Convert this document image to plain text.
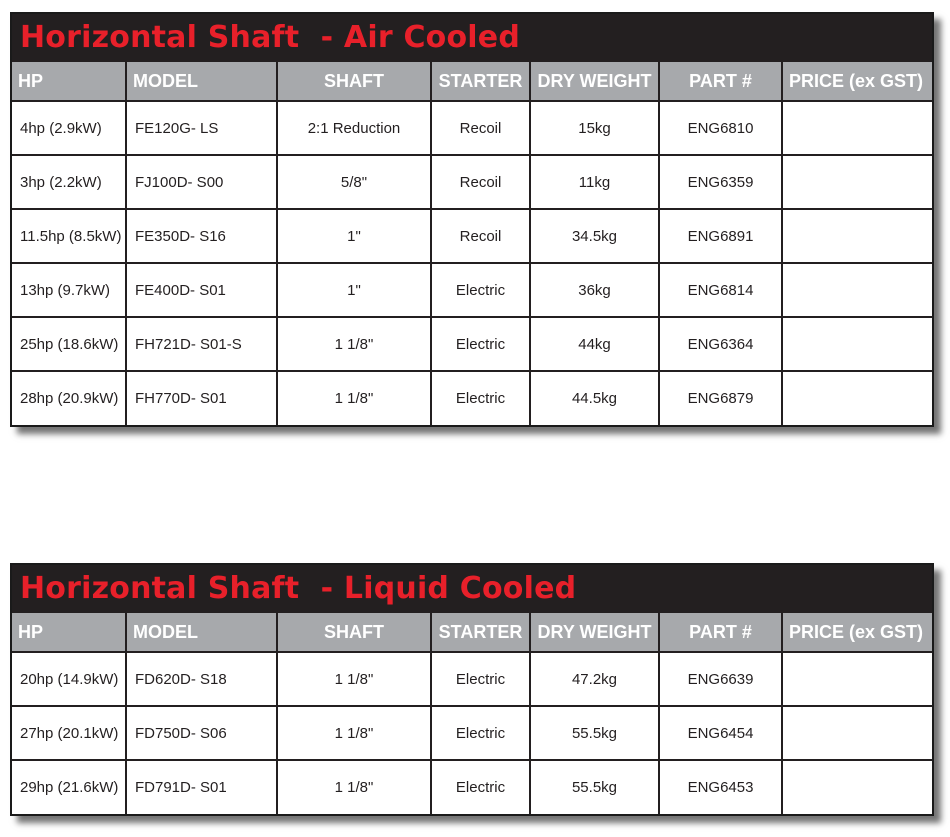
Horizontal Shaft  - Air Cooled
HP	MODEL	SHAFT	STARTER	DRY WEIGHT	PART #	PRICE (ex GST)
4hp (2.9kW)	FE120G- LS	2:1 Reduction	Recoil	15kg	ENG6810	
3hp (2.2kW)	FJ100D- S00	5/8"	Recoil	11kg	ENG6359	
11.5hp (8.5kW)	FE350D- S16	1"	Recoil	34.5kg	ENG6891	
13hp (9.7kW)	FE400D- S01	1"	Electric	36kg	ENG6814	
25hp (18.6kW)	FH721D- S01-S	1 1/8"	Electric	44kg	ENG6364	
28hp (20.9kW)	FH770D- S01	1 1/8"	Electric	44.5kg	ENG6879	
Horizontal Shaft  - Liquid Cooled
HP	MODEL	SHAFT	STARTER	DRY WEIGHT	PART #	PRICE (ex GST)
20hp (14.9kW)	FD620D- S18	1 1/8"	Electric	47.2kg	ENG6639	
27hp (20.1kW)	FD750D- S06	1 1/8"	Electric	55.5kg	ENG6454	
29hp (21.6kW)	FD791D- S01	1 1/8"	Electric	55.5kg	ENG6453	
